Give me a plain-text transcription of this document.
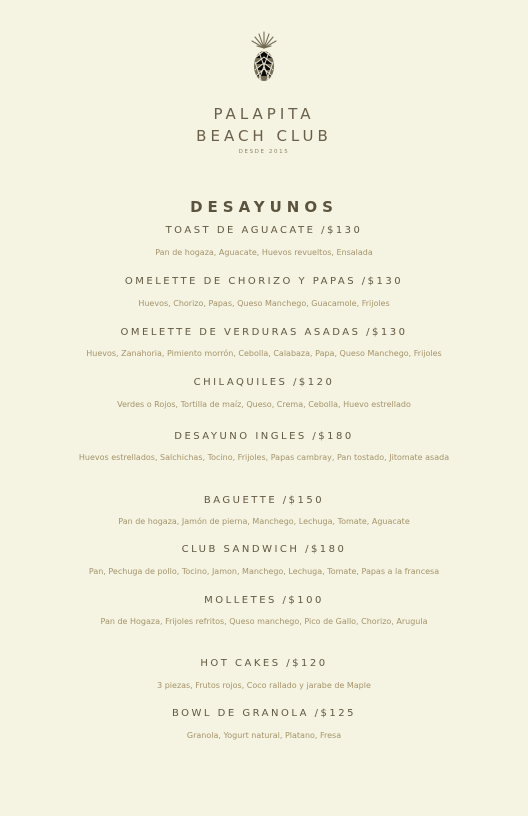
PALAPITA
BEACH CLUB
DESDE 2015
DESAYUNOS
TOAST DE AGUACATE /$130
Pan de hogaza, Aguacate, Huevos revueltos, Ensalada
OMELETTE DE CHORIZO Y PAPAS /$130
Huevos, Chorizo, Papas, Queso Manchego, Guacamole, Frijoles
OMELETTE DE VERDURAS ASADAS /$130
Huevos, Zanahoria, Pimiento morrón, Cebolla, Calabaza, Papa, Queso Manchego, Frijoles
CHILAQUILES /$120
Verdes o Rojos, Tortilla de maíz, Queso, Crema, Cebolla, Huevo estrellado
DESAYUNO INGLES /$180
Huevos estrellados, Salchichas, Tocino, Frijoles, Papas cambray, Pan tostado, Jitomate asada
BAGUETTE /$150
Pan de hogaza, Jamón de pierna, Manchego, Lechuga, Tomate, Aguacate
CLUB SANDWICH /$180
Pan, Pechuga de pollo, Tocino, Jamon, Manchego, Lechuga, Tomate, Papas a la francesa
MOLLETES /$100
Pan de Hogaza, Frijoles refritos, Queso manchego, Pico de Gallo, Chorizo, Arugula
HOT CAKES /$120
3 piezas, Frutos rojos, Coco rallado y jarabe de Maple
BOWL DE GRANOLA /$125
Granola, Yogurt natural, Platano, Fresa
